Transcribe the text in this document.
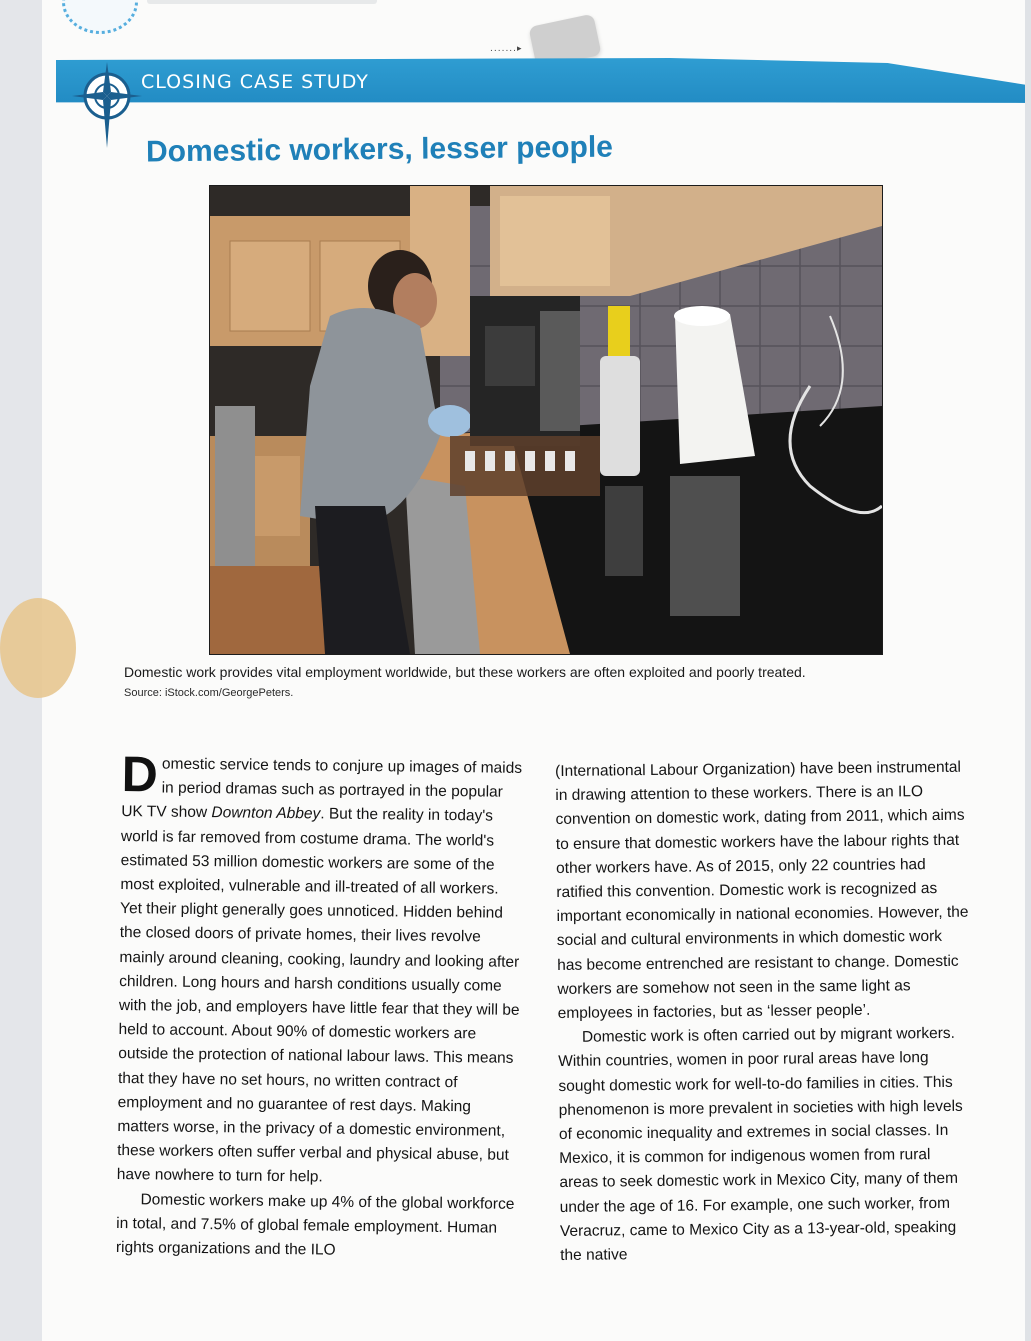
.......▸
CLOSING CASE STUDY
Domestic workers, lesser people

Domestic work provides vital employment worldwide, but these workers are often exploited and poorly treated.

Source: iStock.com/GeorgePeters.

Domestic service tends to conjure up images of maids in period dramas such as portrayed in the popular UK TV show Downton Abbey. But the reality in today's world is far removed from costume drama. The world's estimated 53 million domestic workers are some of the most exploited, vulnerable and ill-treated of all workers. Yet their plight generally goes unnoticed. Hidden behind the closed doors of private homes, their lives revolve mainly around cleaning, cooking, laundry and looking after children. Long hours and harsh conditions usually come with the job, and employers have little fear that they will be held to account. About 90% of domestic workers are outside the protection of national labour laws. This means that they have no set hours, no written contract of employment and no guarantee of rest days. Making matters worse, in the privacy of a domestic environment, these workers often suffer verbal and physical abuse, but have nowhere to turn for help.

Domestic workers make up 4% of the global workforce in total, and 7.5% of global female employment. Human rights organizations and the ILO

(International Labour Organization) have been instrumental in drawing attention to these workers. There is an ILO convention on domestic work, dating from 2011, which aims to ensure that domestic workers have the labour rights that other workers have. As of 2015, only 22 countries had ratified this convention. Domestic work is recognized as important economically in national economies. However, the social and cultural environments in which domestic work has become entrenched are resistant to change. Domestic workers are somehow not seen in the same light as employees in factories, but as ‘lesser people’.

Domestic work is often carried out by migrant workers. Within countries, women in poor rural areas have long sought domestic work for well-to-do families in cities. This phenomenon is more prevalent in societies with high levels of economic inequality and extremes in social classes. In Mexico, it is common for indigenous women from rural areas to seek domestic work in Mexico City, many of them under the age of 16. For example, one such worker, from Veracruz, came to Mexico City as a 13-year-old, speaking the native
